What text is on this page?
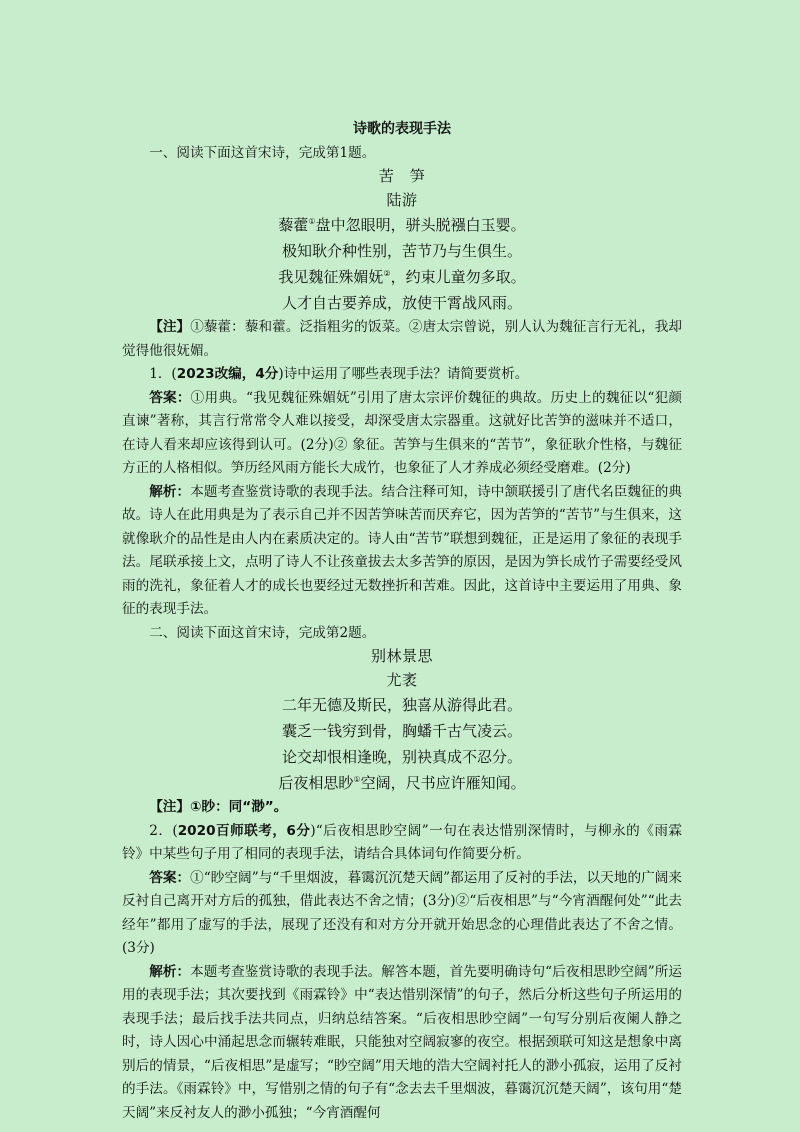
诗歌的表现手法

一、阅读下面这首宋诗，完成第1题。

苦　笋
陆游
藜藿①盘中忽眼明，骈头脱襁白玉婴。
极知耿介种性别，苦节乃与生俱生。
我见魏征殊媚妩②，约束儿童勿多取。
人才自古要养成，放使干霄战风雨。

【注】①藜藿：藜和藿。泛指粗劣的饭菜。②唐太宗曾说，别人认为魏征言行无礼，我却觉得他很妩媚。

1．(2023改编，4分)诗中运用了哪些表现手法？请简要赏析。

答案：①用典。“我见魏征殊媚妩”引用了唐太宗评价魏征的典故。历史上的魏征以“犯颜直谏”著称，其言行常常令人难以接受，却深受唐太宗器重。这就好比苦笋的滋味并不适口，在诗人看来却应该得到认可。(2分)② 象征。苦笋与生俱来的“苦节”，象征耿介性格，与魏征方正的人格相似。笋历经风雨方能长大成竹，也象征了人才养成必须经受磨难。(2分)

解析：本题考查鉴赏诗歌的表现手法。结合注释可知，诗中颔联援引了唐代名臣魏征的典故。诗人在此用典是为了表示自己并不因苦笋味苦而厌弃它，因为苦笋的“苦节”与生俱来，这就像耿介的品性是由人内在素质决定的。诗人由“苦节”联想到魏征，正是运用了象征的表现手法。尾联承接上文，点明了诗人不让孩童拔去太多苦笋的原因，是因为笋长成竹子需要经受风雨的洗礼，象征着人才的成长也要经过无数挫折和苦难。因此，这首诗中主要运用了用典、象征的表现手法。

二、阅读下面这首宋诗，完成第2题。

别林景思
尤袤
二年无德及斯民，独喜从游得此君。
囊乏一钱穷到骨，胸蟠千古气凌云。
论交却恨相逢晚，别袂真成不忍分。
后夜相思眇①空阔，尺书应许雁知闻。

【注】①眇：同“渺”。

2．(2020百师联考，6分)“后夜相思眇空阔”一句在表达惜别深情时，与柳永的《雨霖铃》中某些句子用了相同的表现手法，请结合具体词句作简要分析。

答案：①“眇空阔”与“千里烟波，暮霭沉沉楚天阔”都运用了反衬的手法，以天地的广阔来反衬自己离开对方后的孤独，借此表达不舍之情；(3分)②“后夜相思”与“今宵酒醒何处”“此去经年”都用了虚写的手法，展现了还没有和对方分开就开始思念的心理借此表达了不舍之情。(3分)

解析：本题考查鉴赏诗歌的表现手法。解答本题，首先要明确诗句“后夜相思眇空阔”所运用的表现手法；其次要找到《雨霖铃》中“表达惜别深情”的句子，然后分析这些句子所运用的表现手法；最后找手法共同点，归纳总结答案。“后夜相思眇空阔”一句写分别后夜阑人静之时，诗人因心中涌起思念而辗转难眠，只能独对空阔寂寥的夜空。根据颈联可知这是想象中离别后的情景，“后夜相思”是虚写；“眇空阔”用天地的浩大空阔衬托人的渺小孤寂，运用了反衬的手法。《雨霖铃》中，写惜别之情的句子有“念去去千里烟波，暮霭沉沉楚天阔”，该句用“楚天阔”来反衬友人的渺小孤独；“今宵酒醒何
